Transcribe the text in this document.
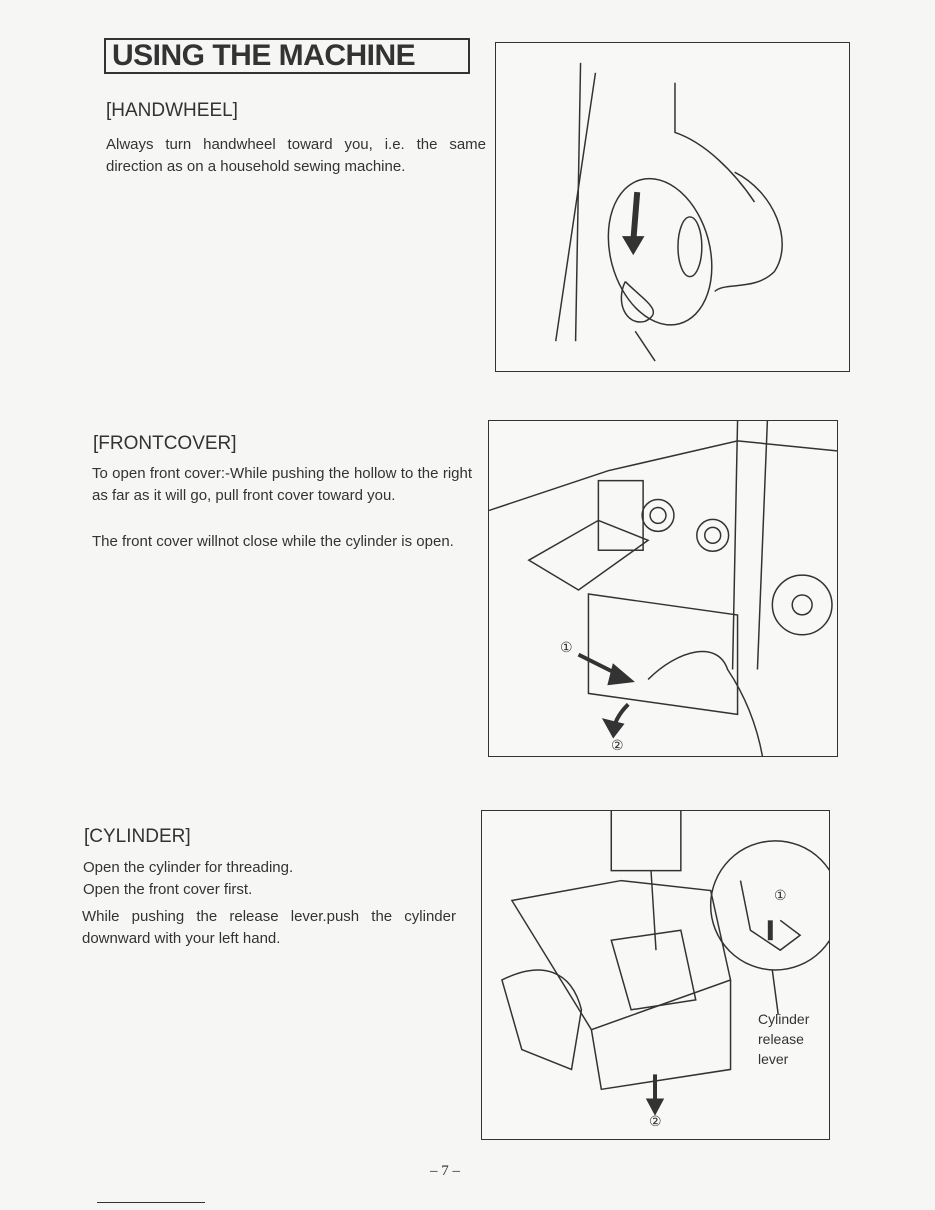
USING THE MACHINE
[HANDWHEEL]
Always turn handwheel toward you, i.e. the same direction as on a household sewing machine.
[FRONTCOVER]
To open front cover:-While pushing the hollow to the right as far as it will go, pull front cover toward you.
The front cover willnot close while the cylinder is open.
①
②
[CYLINDER]
Open the cylinder for threading.
Open the front cover first.
While pushing the release lever.push the cylinder downward with your left hand.
①
②
Cylinder
release
lever
– 7 –
